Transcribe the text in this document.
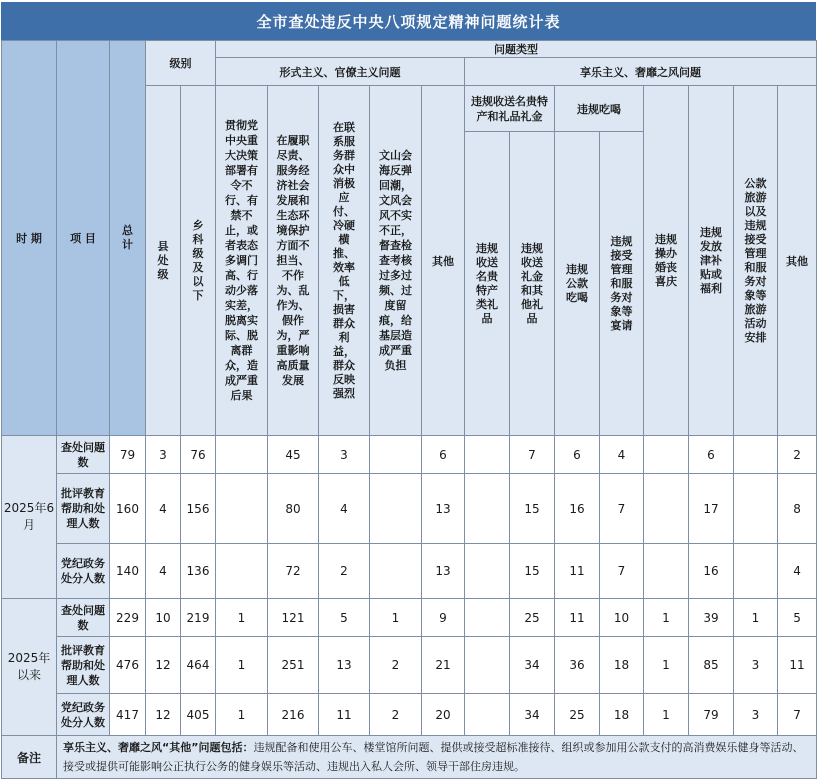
全市查处违反中央八项规定精神问题统计表
时 期	项 目	总计	级别		问题类型												
					形式主义、官僚主义问题					享乐主义、奢靡之风问题							
			县处级	乡科级及以下	贯彻党中央重大决策部署有令不行、有禁不止，或者表态多调门高、行动少落实差，脱离实际、脱离群众，造成严重后果	在履职尽责、服务经济社会发展和生态环境保护方面不担当、不作为、乱作为、假作为，严重影响高质量发展	在联系服务群众中消极应付、冷硬横推、效率低下，损害群众利益，群众反映强烈	文山会海反弹回潮，文风会风不实不正，督查检查考核过多过频、过度留痕，给基层造成严重负担	其他	违规收送名贵特产和礼品礼金		违规吃喝		违规操办婚丧喜庆	违规发放津补贴或福利	公款旅游以及违规接受管理和服务对象等旅游活动安排	其他
										违规收送名贵特产类礼品	违规收送礼金和其他礼品	违规公款吃喝	违规接受管理和服务对象等宴请				
2025年6月	查处问题数	79	3	76		45	3		6		7	6	4		6		2
	批评教育帮助和处理人数	160	4	156		80	4		13		15	16	7		17		8
	党纪政务处分人数	140	4	136		72	2		13		15	11	7		16		4
2025年以来	查处问题数	229	10	219	1	121	5	1	9		25	11	10	1	39	1	5
	批评教育帮助和处理人数	476	12	464	1	251	13	2	21		34	36	18	1	85	3	11
	党纪政务处分人数	417	12	405	1	216	11	2	20		34	25	18	1	79	3	7
备注	享乐主义、奢靡之风“其他”问题包括：违规配备和使用公车、楼堂馆所问题、提供或接受超标准接待、组织或参加用公款支付的高消费娱乐健身等活动、接受或提供可能影响公正执行公务的健身娱乐等活动、违规出入私人会所、领导干部住房违规。																
